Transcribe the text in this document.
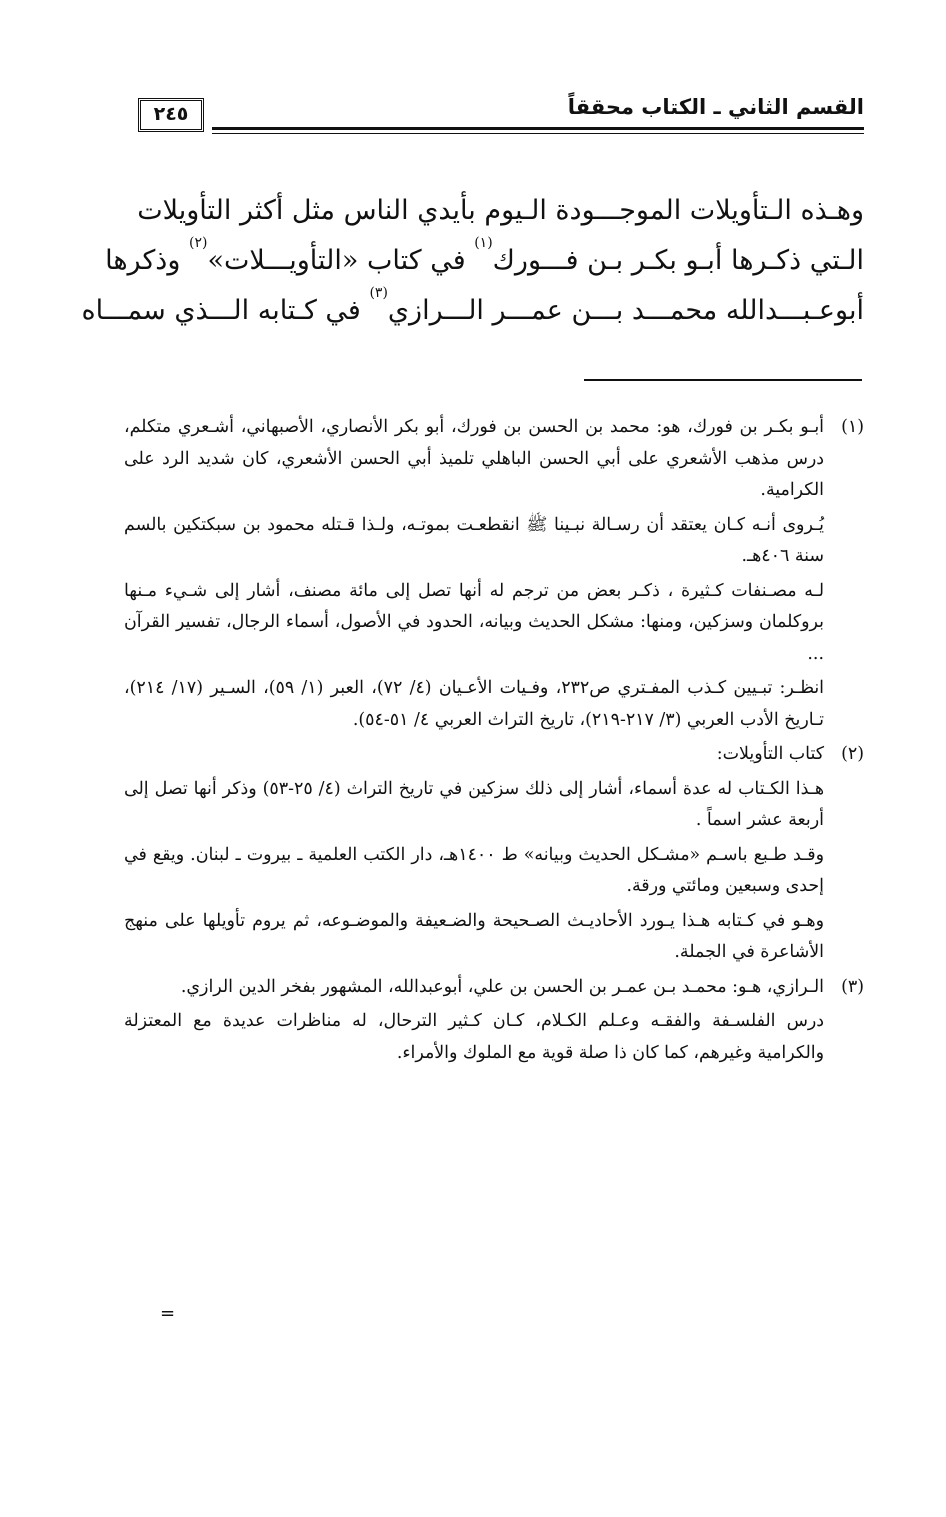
القسم الثاني ـ الكتاب محققاً
٢٤٥
وهـذه الـتأويلات الموجـــودة الـيوم بأيدي الناس مثل أكثر التأويلات
الـتي ذكـرها أبـو بكـر بـن فـــورك$^{(١)}$ في كتاب «التأويـــلات»$^{(٢)}$ وذكرها
أبوعـبـــدالله محمـــد بـــن عمـــر الـــرازي$^{(٣)}$ في كـتابه الـــذي سمـــاه
(١)

أبـو بكـر بن فورك، هو: محمد بن الحسن بن فورك، أبو بكر الأنصاري، الأصبهاني، أشـعري متكلم، درس مذهب الأشعري على أبي الحسن الباهلي تلميذ أبي الحسن الأشعري، كان شديد الرد على الكرامية.

يُـروى أنـه كـان يعتقد أن رسـالة نبـينا ﷺ انقطعـت بموتـه، ولـذا قـتله محمود بن سبكتكين بالسم سنة ٤٠٦هـ.

لـه مصـنفات كـثيرة ، ذكـر بعض من ترجم له أنها تصل إلى مائة مصنف، أشار إلى شـيء مـنها بروكلمان وسزكين، ومنها: مشكل الحديث وبيانه، الحدود في الأصول، أسماء الرجال، تفسير القرآن ...

انظـر: تبـيين كـذب المفـتري ص٢٣٢، وفـيات الأعـيان (٤/ ٧٢)، العبر (١/ ٥٩)، السـير (١٧/ ٢١٤)، تـاريخ الأدب العربي (٣/ ٢١٧-٢١٩)، تاريخ التراث العربي ٤/ ٥١-٥٤).

(٢)

كتاب التأويلات:

هـذا الكـتاب له عدة أسماء، أشار إلى ذلك سزكين في تاريخ التراث (٤/ ٢٥-٥٣) وذكر أنها تصل إلى أربعة عشر اسماً .

وقـد طـبع باسـم «مشـكل الحديث وبيانه» ط ١٤٠٠هـ، دار الكتب العلمية ـ بيروت ـ لبنان. ويقع في إحدى وسبعين ومائتي ورقة.

وهـو في كـتابه هـذا يـورد الأحاديـث الصـحيحة والضـعيفة والموضـوعه، ثم يروم تأويلها على منهج الأشاعرة في الجملة.

(٣)

الـرازي، هـو: محمـد بـن عمـر بن الحسن بن علي، أبوعبدالله، المشهور بفخر الدين الرازي.

درس الفلسـفة والفقـه وعـلم الكـلام، كـان كـثير الترحال، له مناظرات عديدة مع المعتزلة والكرامية وغيرهم، كما كان ذا صلة قوية مع الملوك والأمراء.

=
